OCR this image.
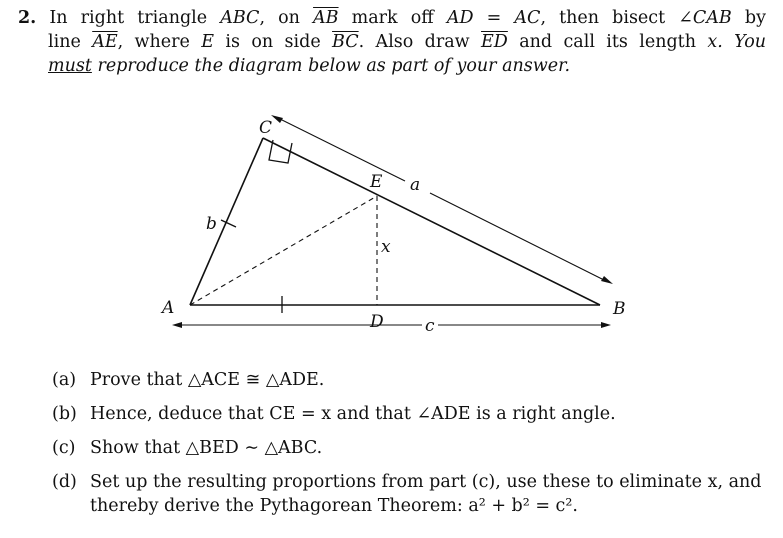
2. In right triangle ABC, on $\overline{AB}$ mark off AD = AC, then bisect ∠CAB by
line $\overline{AE}$, where E is on side $\overline{BC}$. Also draw $\overline{ED}$ and call its length x. You
must reproduce the diagram below as part of your answer.
A	B
C
D
E a
b
c
x
(a) Prove that △ACE ≅ △ADE.
(b) Hence, deduce that CE = x and that ∠ADE is a right angle.
(c) Show that △BED ∼ △ABC.
(d) Set up the resulting proportions from part (c), use these to eliminate x, and thereby derive the Pythagorean Theorem: a² + b² = c².
